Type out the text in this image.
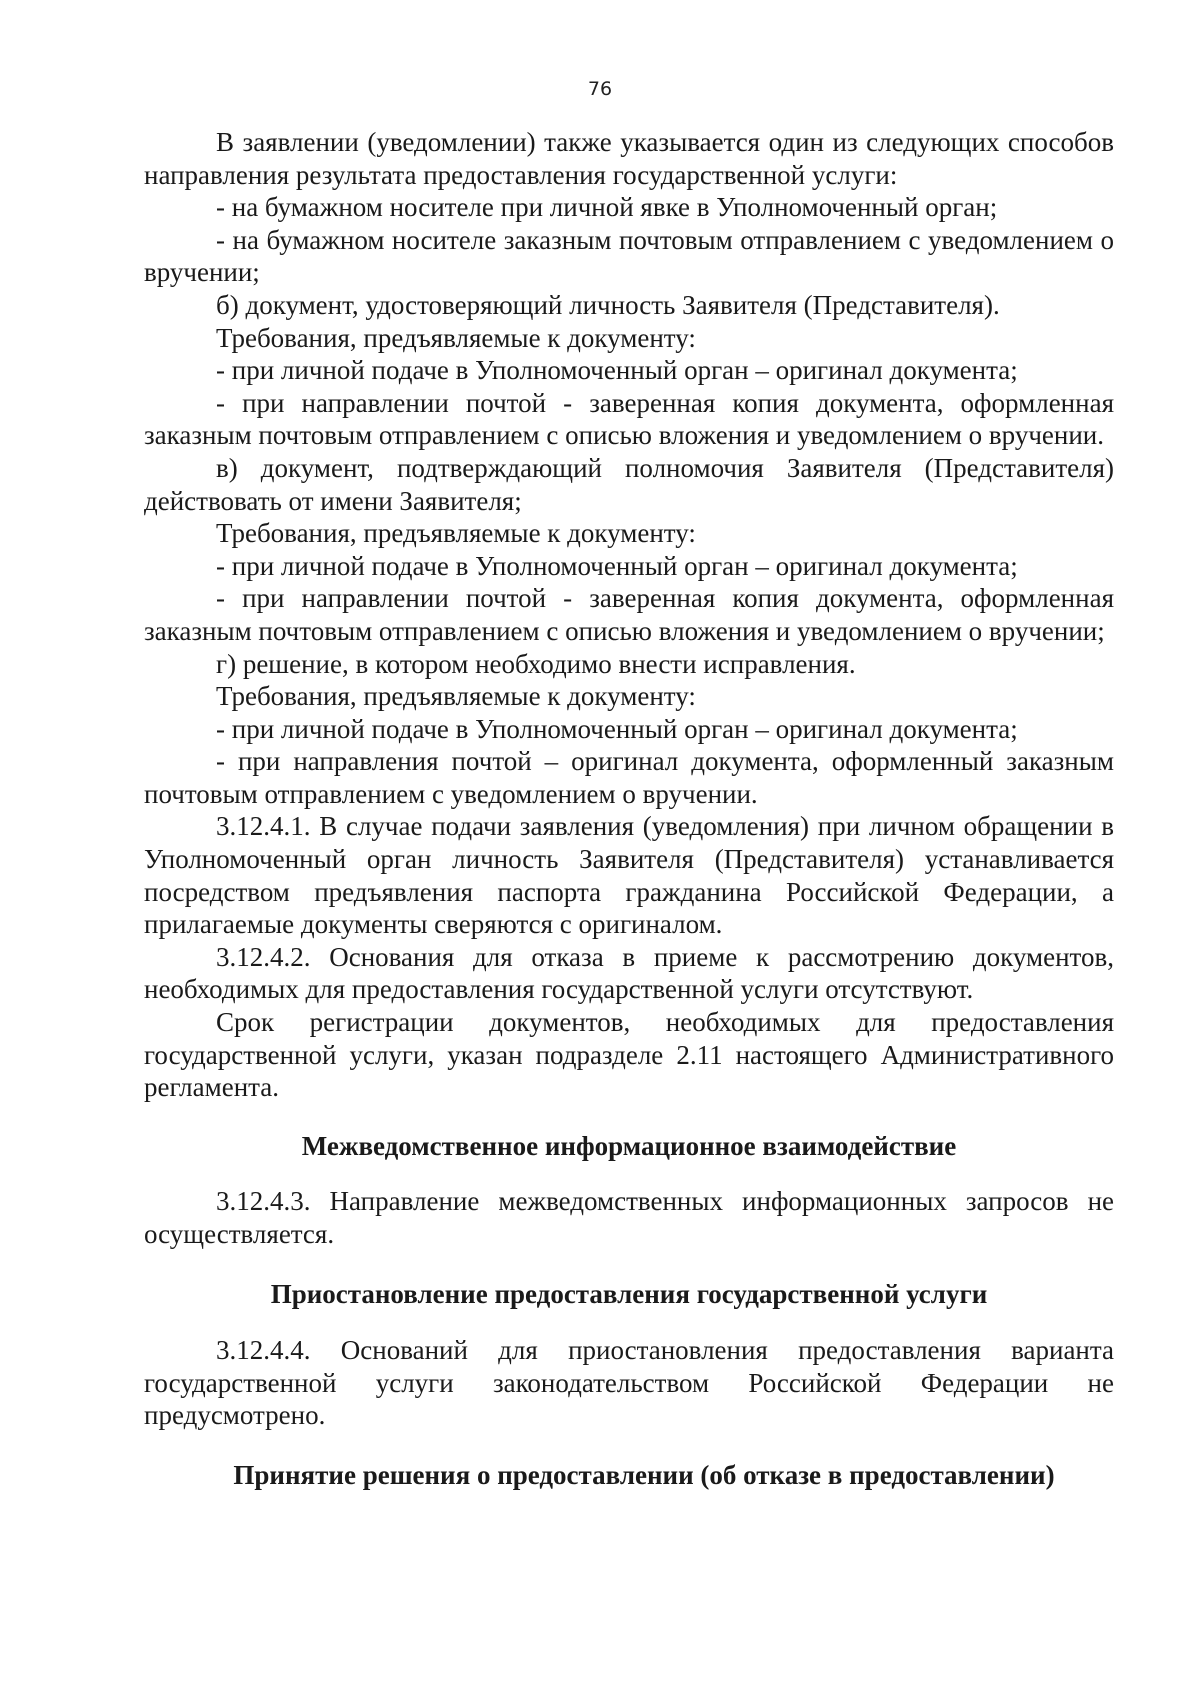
76

В заявлении (уведомлении) также указывается один из следующих способов направления результата предоставления государственной услуги:

- на бумажном носителе при личной явке в Уполномоченный орган;

- на бумажном носителе заказным почтовым отправлением с уведомлением о вручении;

б) документ, удостоверяющий личность Заявителя (Представителя).

Требования, предъявляемые к документу:

- при личной подаче в Уполномоченный орган – оригинал документа;

- при направлении почтой - заверенная копия документа, оформленная заказным почтовым отправлением с описью вложения и уведомлением о вручении.

в) документ, подтверждающий полномочия Заявителя (Представителя) действовать от имени Заявителя;

Требования, предъявляемые к документу:

- при личной подаче в Уполномоченный орган – оригинал документа;

- при направлении почтой - заверенная копия документа, оформленная заказным почтовым отправлением с описью вложения и уведомлением о вручении;

г) решение, в котором необходимо внести исправления.

Требования, предъявляемые к документу:

- при личной подаче в Уполномоченный орган – оригинал документа;

- при направления почтой – оригинал документа, оформленный заказным почтовым отправлением с уведомлением о вручении.

3.12.4.1. В случае подачи заявления (уведомления) при личном обращении в Уполномоченный орган личность Заявителя (Представителя) устанавливается посредством предъявления паспорта гражданина Российской Федерации, а прилагаемые документы сверяются с оригиналом.

3.12.4.2. Основания для отказа в приеме к рассмотрению документов, необходимых для предоставления государственной услуги отсутствуют.

Срок регистрации документов, необходимых для предоставления государственной услуги, указан подразделе 2.11 настоящего Административного регламента.

Межведомственное информационное взаимодействие

3.12.4.3. Направление межведомственных информационных запросов не осуществляется.

Приостановление предоставления государственной услуги

3.12.4.4. Оснований для приостановления предоставления варианта государственной услуги законодательством Российской Федерации не предусмотрено.

Принятие решения о предоставлении (об отказе в предоставлении)
